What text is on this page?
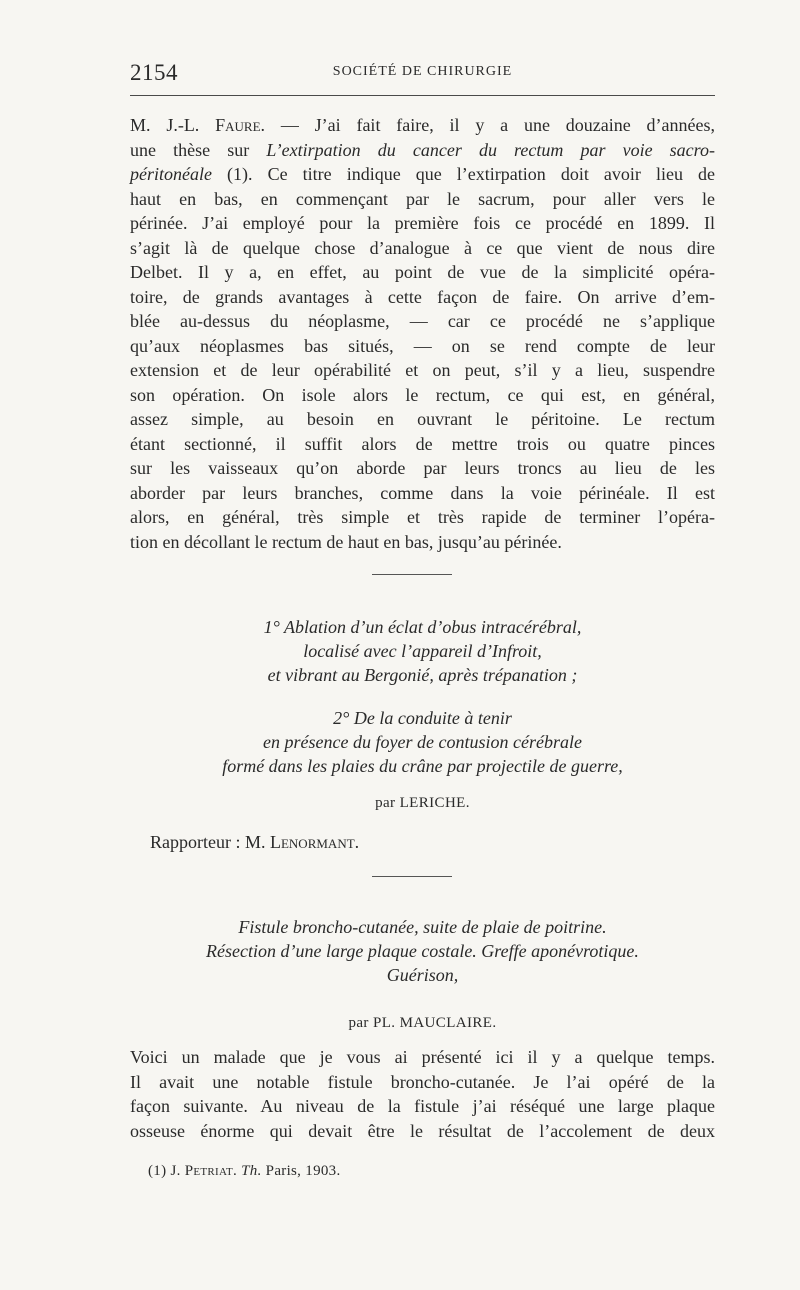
2154	SOCIÉTÉ DE CHIRURGIE
M. J.-L. Faure. — J’ai fait faire, il y a une douzaine d’années,
une thèse sur L’extirpation du cancer du rectum par voie sacro-
péritonéale (1). Ce titre indique que l’extirpation doit avoir lieu de
haut en bas, en commençant par le sacrum, pour aller vers le
périnée. J’ai employé pour la première fois ce procédé en 1899. Il
s’agit là de quelque chose d’analogue à ce que vient de nous dire
Delbet. Il y a, en effet, au point de vue de la simplicité opéra-
toire, de grands avantages à cette façon de faire. On arrive d’em-
blée au-dessus du néoplasme, — car ce procédé ne s’applique
qu’aux néoplasmes bas situés, — on se rend compte de leur
extension et de leur opérabilité et on peut, s’il y a lieu, suspendre
son opération. On isole alors le rectum, ce qui est, en général,
assez simple, au besoin en ouvrant le péritoine. Le rectum
étant sectionné, il suffit alors de mettre trois ou quatre pinces
sur les vaisseaux qu’on aborde par leurs troncs au lieu de les
aborder par leurs branches, comme dans la voie périnéale. Il est
alors, en général, très simple et très rapide de terminer l’opéra-
tion en décollant le rectum de haut en bas, jusqu’au périnée.
1° Ablation d’un éclat d’obus intracérébral,
localisé avec l’appareil d’Infroit,
et vibrant au Bergonié, après trépanation ;
2° De la conduite à tenir
en présence du foyer de contusion cérébrale
formé dans les plaies du crâne par projectile de guerre,
par LERICHE.
Rapporteur : M. Lenormant.
Fistule broncho-cutanée, suite de plaie de poitrine.
Résection d’une large plaque costale. Greffe aponévrotique.
Guérison,
par PL. MAUCLAIRE.
Voici un malade que je vous ai présenté ici il y a quelque temps.
Il avait une notable fistule broncho-cutanée. Je l’ai opéré de la
façon suivante. Au niveau de la fistule j’ai réséqué une large plaque
osseuse énorme qui devait être le résultat de l’accolement de deux
(1) J. Petriat. Th. Paris, 1903.
